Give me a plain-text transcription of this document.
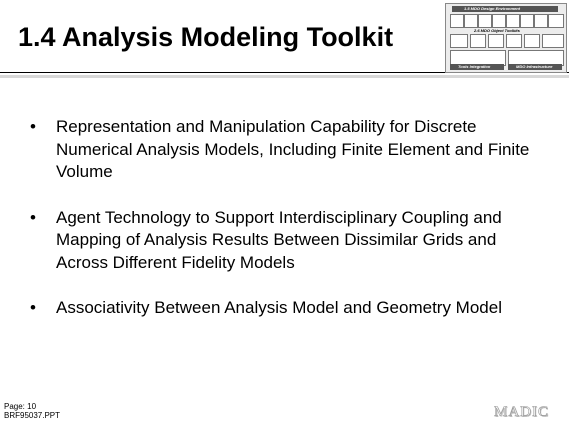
1.4 Analysis Modeling Toolkit
1.5 MDO Design Environment
2.6 MDO Object Toolkits
Tools Integration	MDO Infrastructure
• Representation and Manipulation Capability for Discrete Numerical Analysis Models, Including Finite Element and Finite Volume
• Agent Technology to Support Interdisciplinary Coupling and Mapping of Analysis Results Between Dissimilar Grids and Across Different Fidelity Models
• Associativity Between Analysis Model and Geometry Model
Page: 10
BRF95037.PPT	MADIC
